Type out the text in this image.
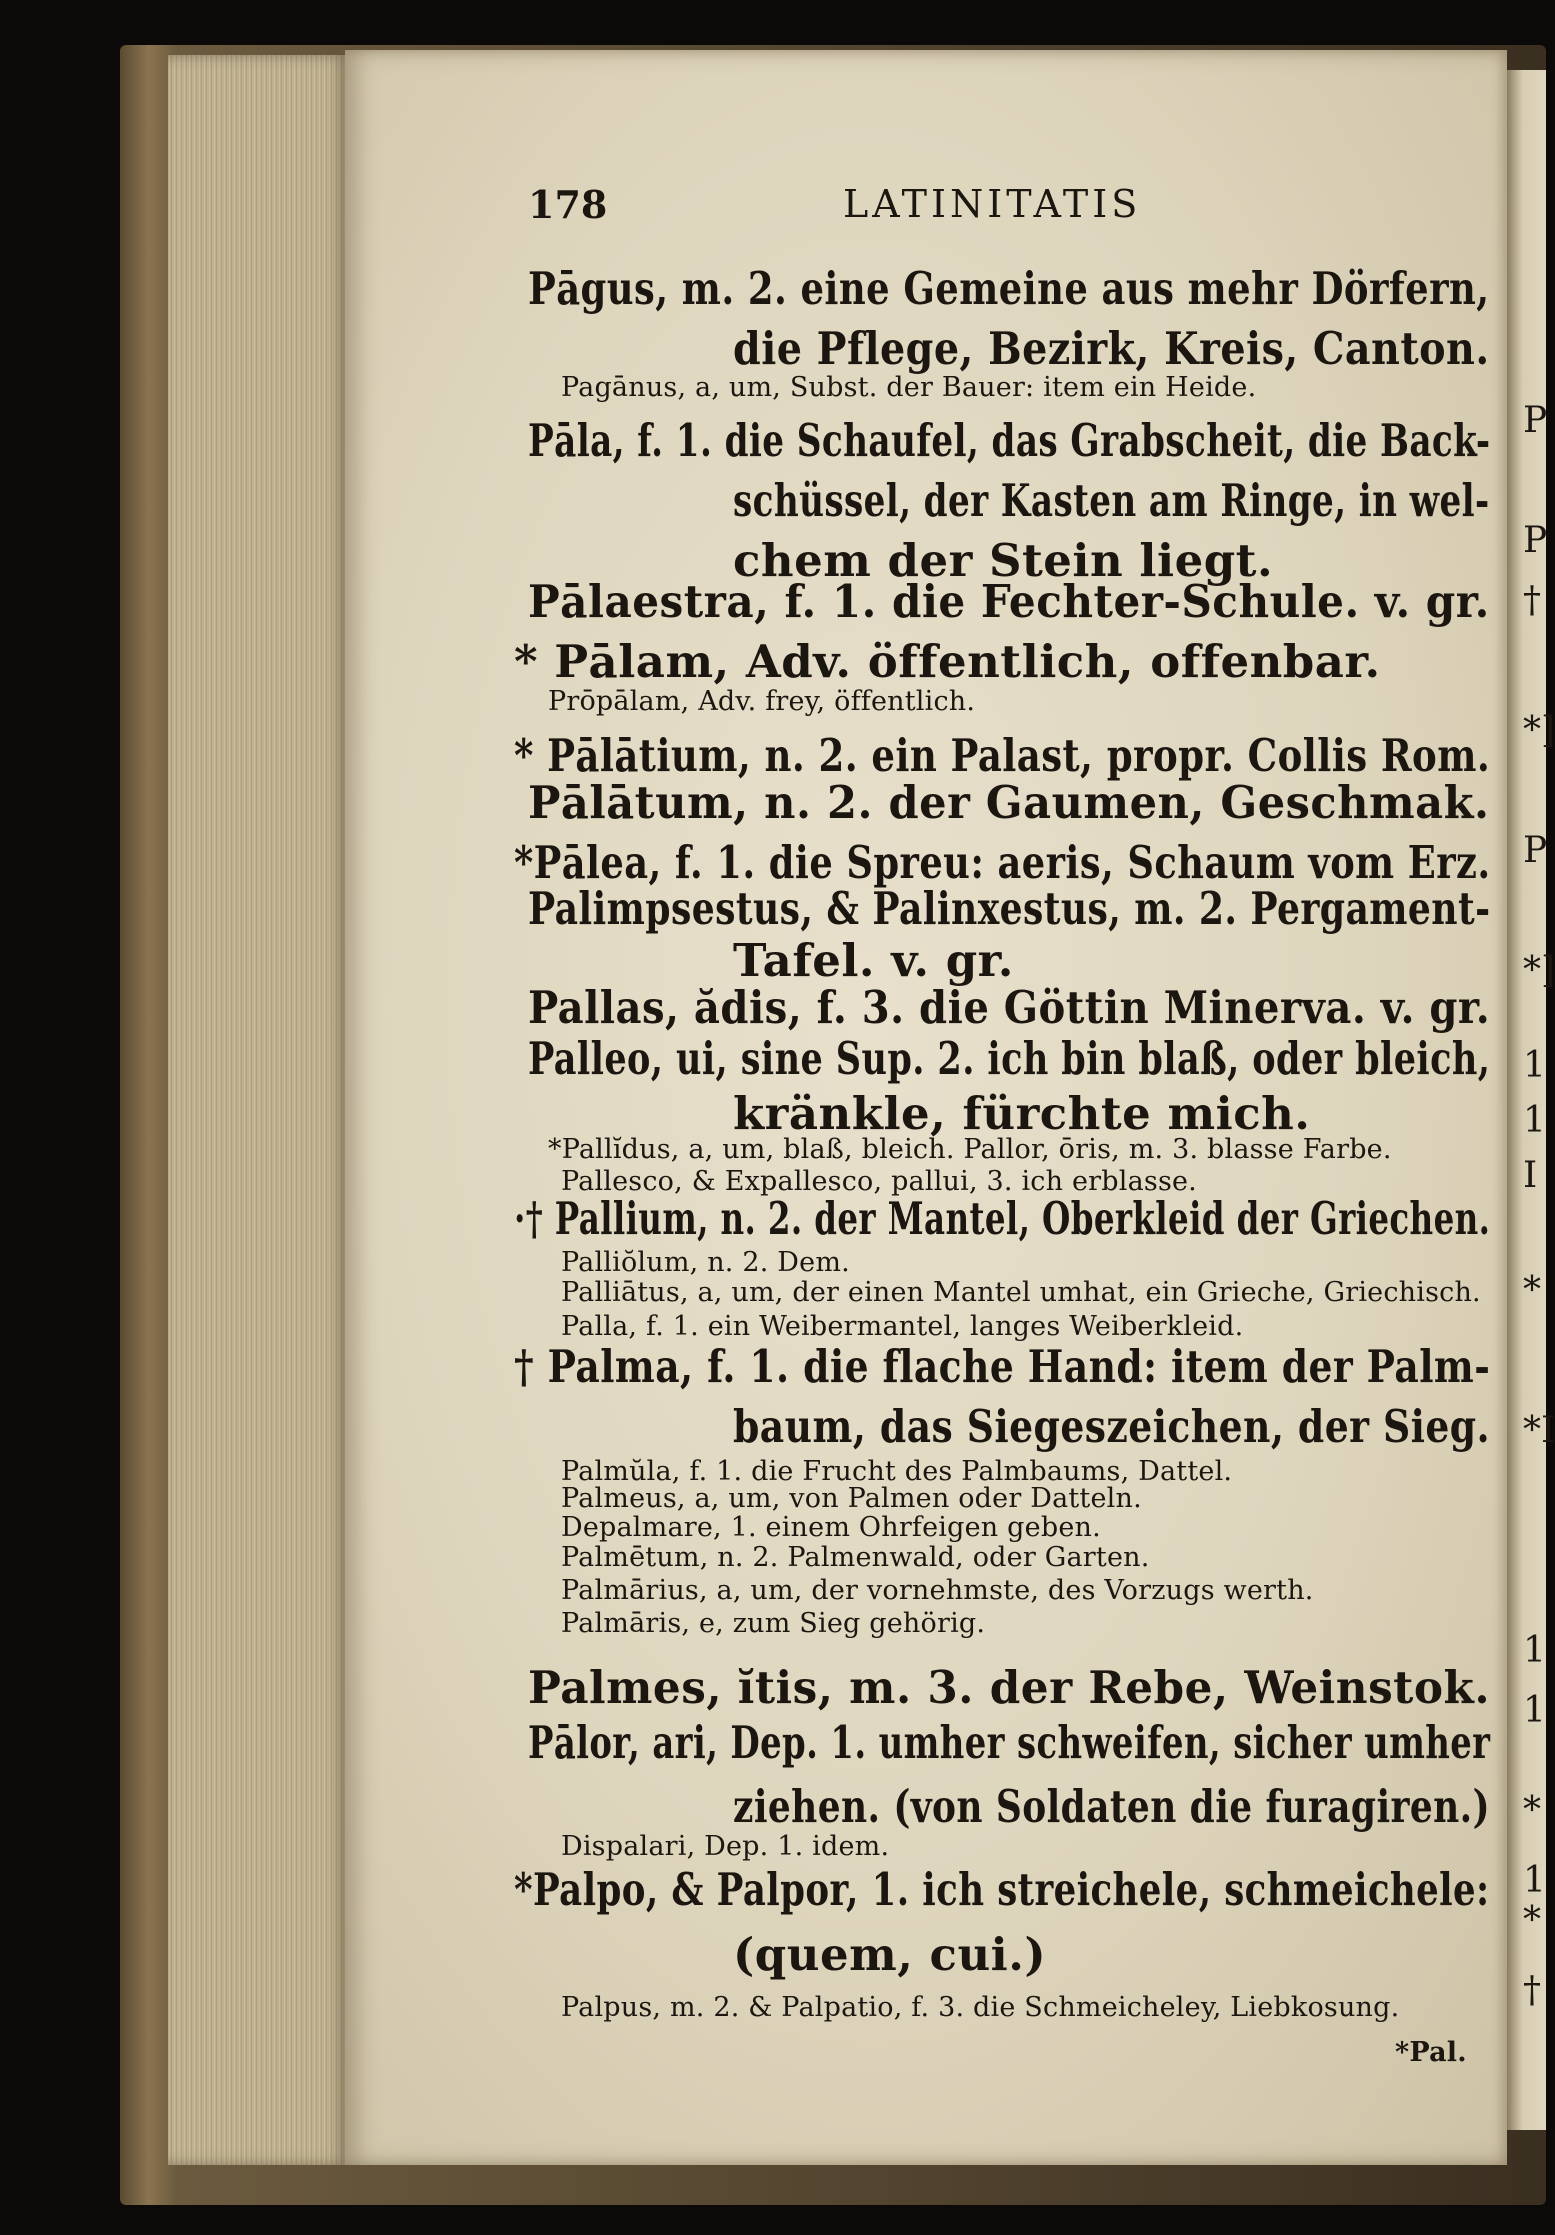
P
P
†
*]
P
*]
1
1
I
*
*I
1
1
*
1
*
†
178	LATINITATIS
Pāgus, m. 2. eine Gemeine aus mehr Dörfern,
die Pflege, Bezirk, Kreis, Canton.
Pagānus, a, um, Subst. der Bauer: item ein Heide.
Pāla, f. 1. die Schaufel, das Grabscheit, die Back-
schüssel, der Kasten am Ringe, in wel-
chem der Stein liegt.
Pālaestra, f. 1. die Fechter-Schule. v. gr.
* Pālam, Adv. öffentlich, offenbar.
Prōpālam, Adv. frey, öffentlich.
* Pālātium, n. 2. ein Palast, propr. Collis Rom.
Pālātum, n. 2. der Gaumen, Geschmak.
*Pālea, f. 1. die Spreu: aeris, Schaum vom Erz.
Palimpsestus, & Palinxestus, m. 2. Pergament-
Tafel. v. gr.
Pallas, ădis, f. 3. die Göttin Minerva. v. gr.
Palleo, ui, sine Sup. 2. ich bin blaß, oder bleich,
kränkle, fürchte mich.
*Pallĭdus, a, um, blaß, bleich. Pallor, ōris, m. 3. blasse Farbe.
Pallesco, & Expallesco, pallui, 3. ich erblasse.
·† Pallium, n. 2. der Mantel, Oberkleid der Griechen.
Palliŏlum, n. 2. Dem.
Palliātus, a, um, der einen Mantel umhat, ein Grieche, Griechisch.
Palla, f. 1. ein Weibermantel, langes Weiberkleid.
† Palma, f. 1. die flache Hand: item der Palm-
baum, das Siegeszeichen, der Sieg.
Palmŭla, f. 1. die Frucht des Palmbaums, Dattel.
Palmeus, a, um, von Palmen oder Datteln.
Depalmare, 1. einem Ohrfeigen geben.
Palmētum, n. 2. Palmenwald, oder Garten.
Palmārius, a, um, der vornehmste, des Vorzugs werth.
Palmāris, e, zum Sieg gehörig.
Palmes, ĭtis, m. 3. der Rebe, Weinstok.
Pālor, ari, Dep. 1. umher schweifen, sicher umher
ziehen. (von Soldaten die furagiren.)
Dispalari, Dep. 1. idem.
*Palpo, & Palpor, 1. ich streichele, schmeichele:
(quem, cui.)
Palpus, m. 2. & Palpatio, f. 3. die Schmeicheley, Liebkosung.
*Pal.
